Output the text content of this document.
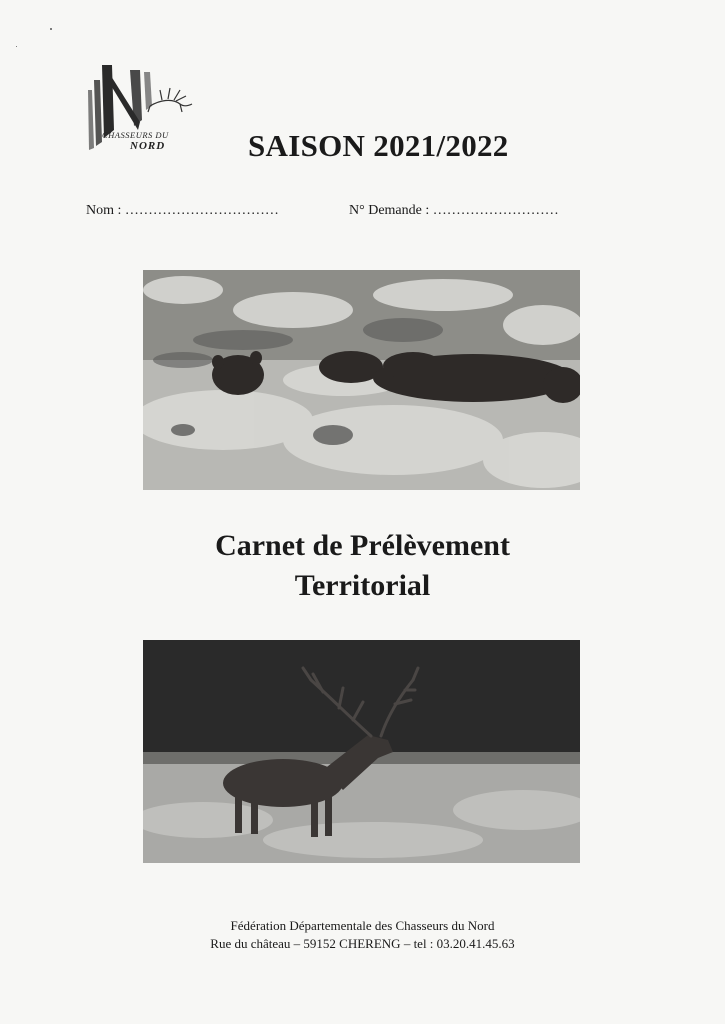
CHASSEURS DU
NORD	SAISON 2021/2022
Nom : ……………………………	N° Demande : ………………………
Carnet de Prélèvement
Territorial
Fédération Départementale des Chasseurs du Nord
Rue du château – 59152 CHERENG – tel : 03.20.41.45.63
